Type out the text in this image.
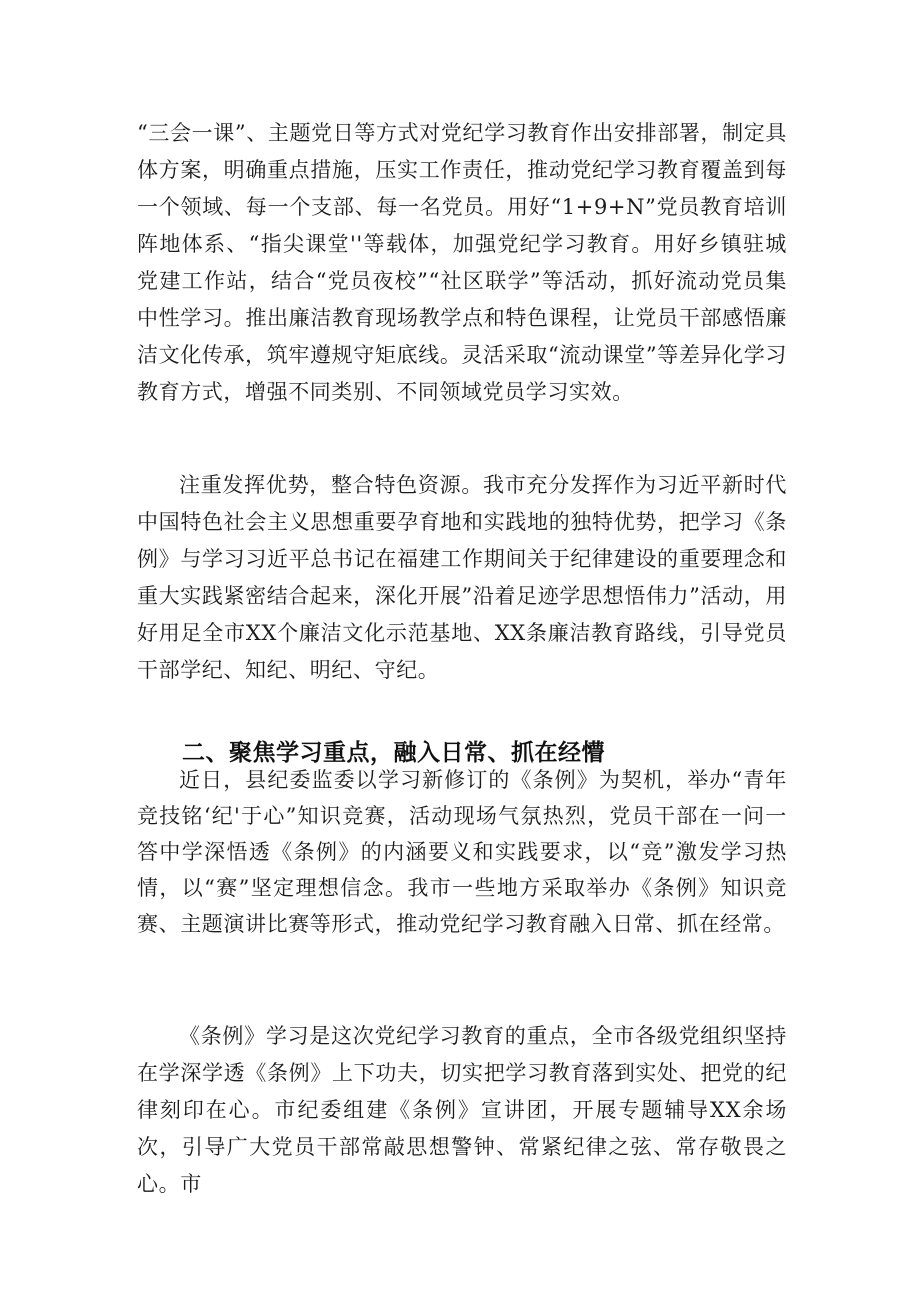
“三会一课”、主题党日等方式对党纪学习教育作出安排部署，制定具体方案，明确重点措施，压实工作责任，推动党纪学习教育覆盖到每一个领域、每一个支部、每一名党员。用好“1+9+N”党员教育培训阵地体系、“指尖课堂''等载体，加强党纪学习教育。用好乡镇驻城党建工作站，结合“党员夜校”“社区联学”等活动，抓好流动党员集中性学习。推出廉洁教育现场教学点和特色课程，让党员干部感悟廉洁文化传承，筑牢遵规守矩底线。灵活采取“流动课堂”等差异化学习教育方式，增强不同类别、不同领域党员学习实效。

注重发挥优势，整合特色资源。我市充分发挥作为习近平新时代中国特色社会主义思想重要孕育地和实践地的独特优势，把学习《条例》与学习习近平总书记在福建工作期间关于纪律建设的重要理念和重大实践紧密结合起来，深化开展”沿着足迹学思想悟伟力”活动，用好用足全市XX个廉洁文化示范基地、XX条廉洁教育路线，引导党员干部学纪、知纪、明纪、守纪。

二、聚焦学习重点，融入日常、抓在经懵

近日，县纪委监委以学习新修订的《条例》为契机，举办“青年竞技铭‘纪'于心”知识竞赛，活动现场气氛热烈，党员干部在一问一答中学深悟透《条例》的内涵要义和实践要求，以“竞”激发学习热情，以“赛”坚定理想信念。我市一些地方采取举办《条例》知识竞赛、主题演讲比赛等形式，推动党纪学习教育融入日常、抓在经常。

《条例》学习是这次党纪学习教育的重点，全市各级党组织坚持在学深学透《条例》上下功夫，切实把学习教育落到实处、把党的纪律刻印在心。市纪委组建《条例》宣讲团，开展专题辅导XX余场次，引导广大党员干部常敲思想警钟、常紧纪律之弦、常存敬畏之心。市
